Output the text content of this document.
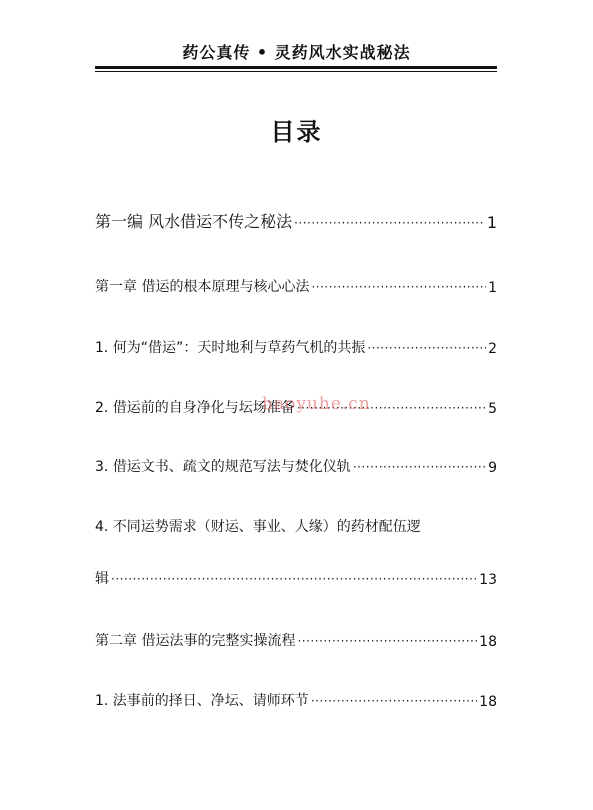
药公真传 • 灵药风水实战秘法
目录
第一编 风水借运不传之秘法 ·····	1
第一章 借运的根本原理与核心心法 ·····	1
1. 何为“借运”：天时地利与草药气机的共振 ·····	2
2. 借运前的自身净化与坛场准备 ·····	5
3. 借运文书、疏文的规范写法与焚化仪轨 ·····	9
4. 不同运势需求（财运、事业、人缘）的药材配伍逻
辑 ·····	13
第二章 借运法事的完整实操流程 ·····	18
1. 法事前的择日、净坛、请师环节 ·····	18
haoyuhe.cn
